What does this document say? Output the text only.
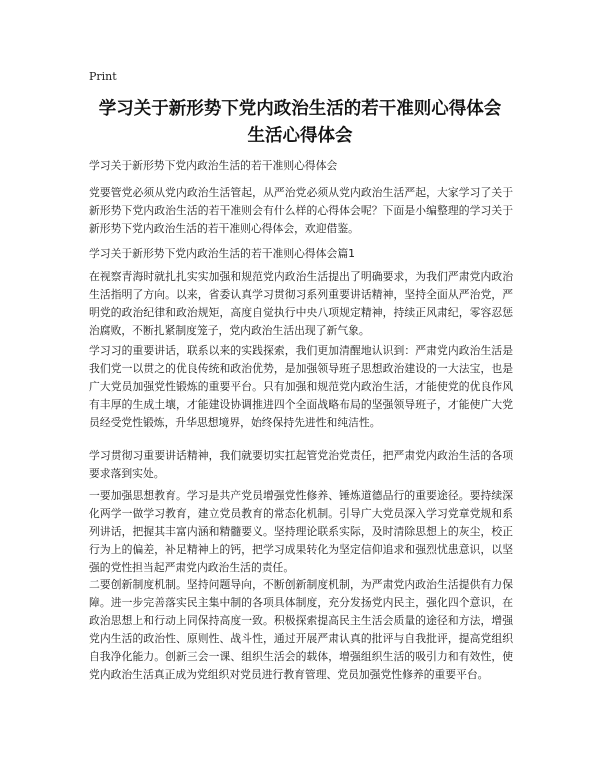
Print
学习关于新形势下党内政治生活的若干准则心得体会
生活心得体会
学习关于新形势下党内政治生活的若干准则心得体会
党要管党必须从党内政治生活管起，从严治党必须从党内政治生活严起，大家学习了关于新形势下党内政治生活的若干准则会有什么样的心得体会呢？下面是小编整理的学习关于新形势下党内政治生活的若干准则心得体会，欢迎借鉴。
学习关于新形势下党内政治生活的若干准则心得体会篇1
在视察青海时就扎扎实实加强和规范党内政治生活提出了明确要求，为我们严肃党内政治生活指明了方向。以来，省委认真学习贯彻习系列重要讲话精神，坚持全面从严治党，严明党的政治纪律和政治规矩，高度自觉执行中央八项规定精神，持续正风肃纪，零容忍惩治腐败，不断扎紧制度笼子，党内政治生活出现了新气象。
学习习的重要讲话，联系以来的实践探索，我们更加清醒地认识到：严肃党内政治生活是我们党一以贯之的优良传统和政治优势，是加强领导班子思想政治建设的一大法宝，也是广大党员加强党性锻炼的重要平台。只有加强和规范党内政治生活，才能使党的优良作风有丰厚的生成土壤，才能建设协调推进四个全面战略布局的坚强领导班子，才能使广大党员经受党性锻炼，升华思想境界，始终保持先进性和纯洁性。
学习贯彻习重要讲话精神，我们就要切实扛起管党治党责任，把严肃党内政治生活的各项要求落到实处。
一要加强思想教育。学习是共产党员增强党性修养、锤炼道德品行的重要途径。要持续深化两学一做学习教育，建立党员教育的常态化机制。引导广大党员深入学习党章党规和系列讲话，把握其丰富内涵和精髓要义。坚持理论联系实际，及时清除思想上的灰尘，校正行为上的偏差，补足精神上的钙，把学习成果转化为坚定信仰追求和强烈忧患意识，以坚强的党性担当起严肃党内政治生活的责任。
二要创新制度机制。坚持问题导向，不断创新制度机制，为严肃党内政治生活提供有力保障。进一步完善落实民主集中制的各项具体制度，充分发扬党内民主，强化四个意识，在政治思想上和行动上同保持高度一致。积极探索提高民主生活会质量的途径和方法，增强党内生活的政治性、原则性、战斗性，通过开展严肃认真的批评与自我批评，提高党组织自我净化能力。创新三会一课、组织生活会的载体，增强组织生活的吸引力和有效性，使党内政治生活真正成为党组织对党员进行教育管理、党员加强党性修养的重要平台。
